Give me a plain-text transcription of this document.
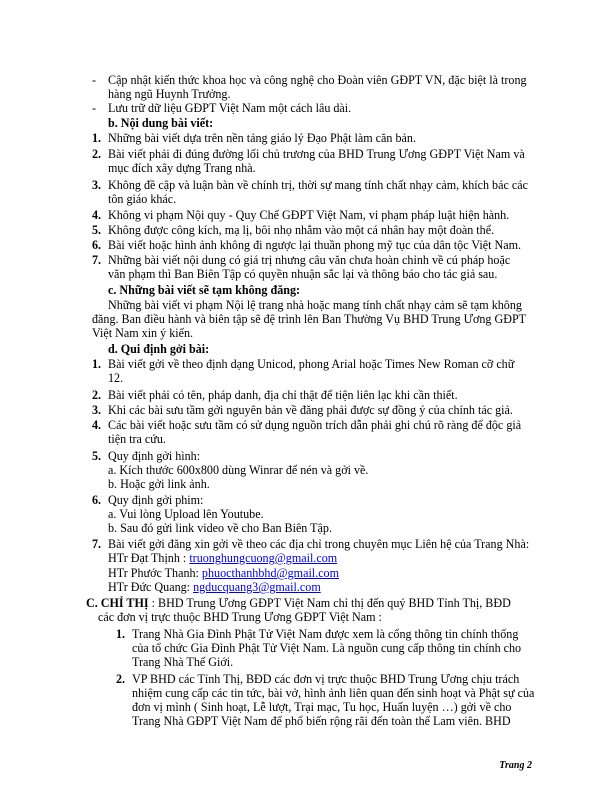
- Cập nhật kiến thức khoa học và công nghệ cho Đoàn viên GĐPT VN, đặc biệt là trong
hàng ngũ Huynh Trưởng.
- Lưu trữ dữ liệu GĐPT Việt Nam một cách lâu dài.
b. Nội dung bài viết:
1. Những bài viết dựa trên nền tảng giáo lý Đạo Phật làm căn bản.
2. Bài viết phải đi đúng đường lối chủ trương của BHD Trung Ương GĐPT Việt Nam và
mục đích xây dựng Trang nhà.
3. Không đề cập và luận bàn về chính trị, thời sự mang tính chất nhạy cảm, khích bác các
tôn giáo khác.
4. Không vi phạm Nội quy - Quy Chế GĐPT Việt Nam, vi phạm pháp luật hiện hành.
5. Không được công kích, mạ lị, bôi nhọ nhắm vào một cá nhân hay một đoàn thể.
6. Bài viết hoặc hình ảnh không đi ngược lại thuần phong mỹ tục của dân tộc Việt Nam.
7. Những bài viết nội dung có giá trị nhưng câu văn chưa hoàn chỉnh về cú pháp hoặc
văn phạm thì Ban Biên Tập có quyền nhuận sắc lại và thông báo cho tác giả sau.
c. Những bài viết sẽ tạm không đăng:
Những bài viết vi phạm Nội lệ trang nhà hoặc mang tính chất nhạy cảm sẽ tạm không
đăng. Ban điều hành và biên tập sẽ đệ trình lên Ban Thường Vụ BHD Trung Ương GĐPT
Việt Nam xin ý kiến.
d. Qui định gởi bài:
1. Bài viết gởi về theo định dạng Unicod, phong Arial hoặc Times New Roman cỡ chữ
12.
2. Bài viết phải có tên, pháp danh, địa chỉ thật để tiện liên lạc khi cần thiết.
3. Khi các bài sưu tầm gởi nguyên bản về đăng phải được sự đồng ý của chính tác giả.
4. Các bài viết hoặc sưu tầm có sử dụng nguồn trích dẫn phải ghi chú rõ ràng để độc giả
tiện tra cứu.
5. Quy định gởi hình:
a. Kích thước 600x800 dùng Winrar để nén và gởi về.
b. Hoặc gởi link ảnh.
6. Quy định gởi phim:
a. Vui lòng Upload lên Youtube.
b. Sau đó gửi link video về cho Ban Biên Tập.
7. Bài viết gởi đăng xin gởi về theo các địa chỉ trong chuyên mục Liên hệ của Trang Nhà:
HTr Đạt Thịnh : truonghungcuong@gmail.com
HTr Phước Thanh: phuocthanhbhd@gmail.com
HTr Đức Quang: ngducquang3@gmail.com
C. CHỈ THỊ : BHD Trung Ương GĐPT Việt Nam chỉ thị đến quý BHD Tỉnh Thị, BĐD
các đơn vị trực thuộc BHD Trung Ương GĐPT Việt Nam :
1. Trang Nhà Gia Đình Phật Tử Việt Nam được xem là cổng thông tin chính thống
của tổ chức Gia Đình Phật Tử Việt Nam. Là nguồn cung cấp thông tin chính cho
Trang Nhà Thế Giới.
2. VP BHD các Tỉnh Thị, BĐD các đơn vị trực thuộc BHD Trung Ương chịu trách
nhiệm cung cấp các tin tức, bài vở, hình ảnh liên quan đến sinh hoạt và Phật sự của
đơn vị mình ( Sinh hoạt, Lễ lượt, Trại mạc, Tu học, Huấn luyện …) gởi về cho
Trang Nhà GĐPT Việt Nam để phổ biến rộng rãi đến toàn thể Lam viên. BHD
Trang 2
